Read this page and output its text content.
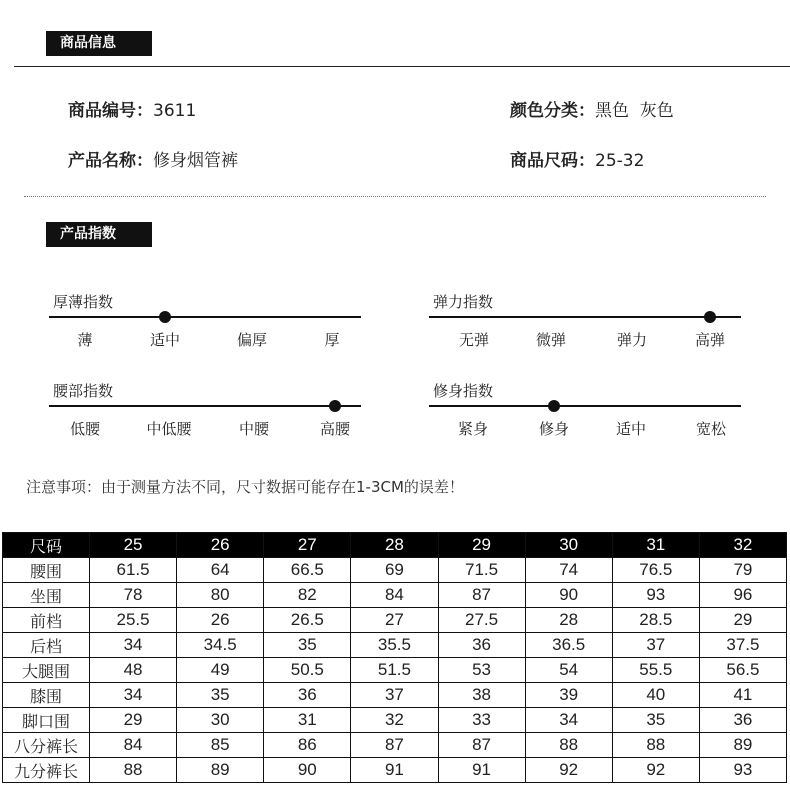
商品信息
商品编号：3611	颜色分类：黑色  灰色
产品名称：修身烟管裤	商品尺码：25-32
产品指数
厚薄指数
薄	适中	偏厚	厚
弹力指数
无弹	微弹	弹力	高弹
腰部指数
低腰	中低腰	中腰	高腰
修身指数
紧身	修身	适中	宽松
注意事项：由于测量方法不同，尺寸数据可能存在1-3CM的误差！
尺码	25	26	27	28	29	30	31	32
腰围	61.5	64	66.5	69	71.5	74	76.5	79
坐围	78	80	82	84	87	90	93	96
前档	25.5	26	26.5	27	27.5	28	28.5	29
后档	34	34.5	35	35.5	36	36.5	37	37.5
大腿围	48	49	50.5	51.5	53	54	55.5	56.5
膝围	34	35	36	37	38	39	40	41
脚口围	29	30	31	32	33	34	35	36
八分裤长	84	85	86	87	87	88	88	89
九分裤长	88	89	90	91	91	92	92	93
